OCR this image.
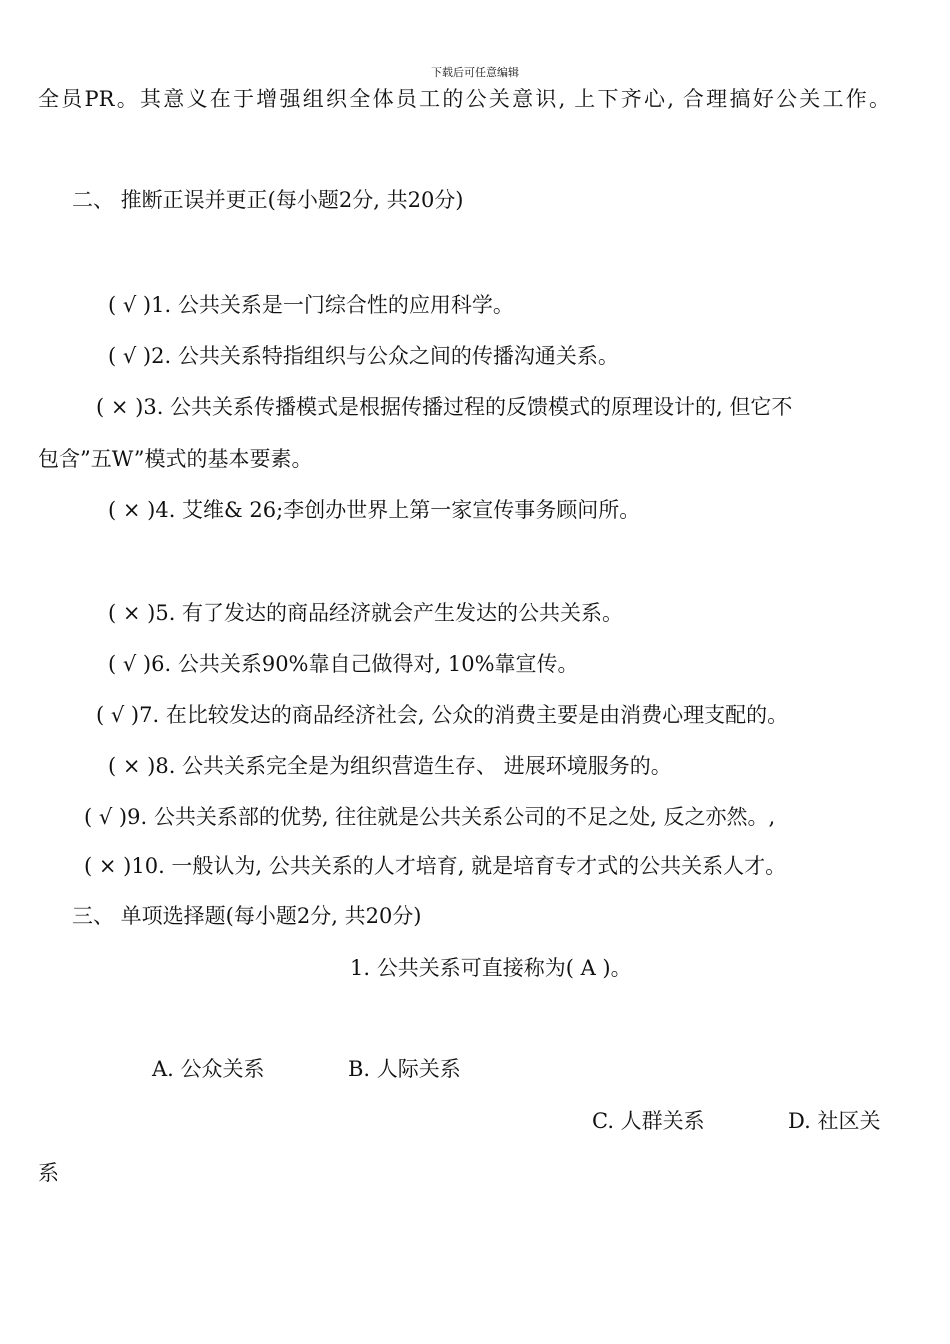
下载后可任意编辑
全员PR。其意义在于增强组织全体员工的公关意识, 上下齐心, 合理搞好公关工作。
二、 推断正误并更正(每小题2分, 共20分)
( √ )1. 公共关系是一门综合性的应用科学。
( √ )2. 公共关系特指组织与公众之间的传播沟通关系。
( × )3. 公共关系传播模式是根据传播过程的反馈模式的原理设计的, 但它不
包含”五W”模式的基本要素。
( × )4. 艾维& 26;李创办世界上第一家宣传事务顾问所。
( × )5. 有了发达的商品经济就会产生发达的公共关系。
( √ )6. 公共关系90%靠自己做得对, 10%靠宣传。
( √ )7. 在比较发达的商品经济社会, 公众的消费主要是由消费心理支配的。
( × )8. 公共关系完全是为组织营造生存、 进展环境服务的。
( √ )9. 公共关系部的优势, 往往就是公共关系公司的不足之处, 反之亦然。,
( × )10. 一般认为, 公共关系的人才培育, 就是培育专才式的公共关系人才。
三、 单项选择题(每小题2分, 共20分)
1. 公共关系可直接称为( A )。
A. 公众关系	B. 人际关系
C. 人群关系	D. 社区关
系
